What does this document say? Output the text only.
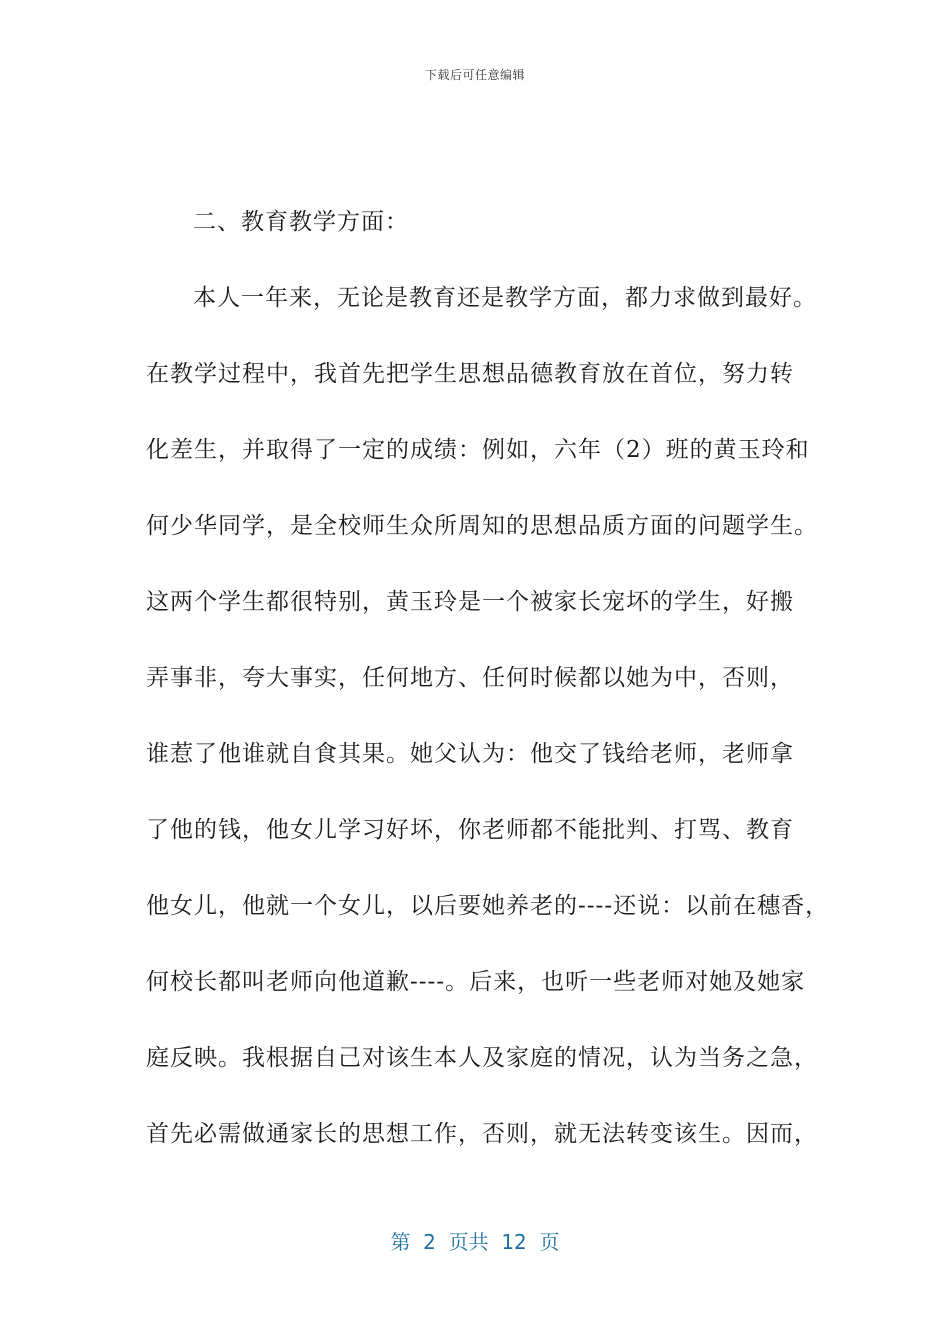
下载后可任意编辑
二、教育教学方面：
本人一年来，无论是教育还是教学方面，都力求做到最好。
在教学过程中，我首先把学生思想品德教育放在首位，努力转
化差生，并取得了一定的成绩：例如，六年（2）班的黄玉玲和
何少华同学，是全校师生众所周知的思想品质方面的问题学生。
这两个学生都很特别，黄玉玲是一个被家长宠坏的学生，好搬
弄事非，夸大事实，任何地方、任何时候都以她为中，否则，
谁惹了他谁就自食其果。她父认为：他交了钱给老师，老师拿
了他的钱，他女儿学习好坏，你老师都不能批判、打骂、教育
他女儿，他就一个女儿，以后要她养老的----还说：以前在穗香，
何校长都叫老师向他道歉----。后来，也听一些老师对她及她家
庭反映。我根据自己对该生本人及家庭的情况，认为当务之急，
首先必需做通家长的思想工作，否则，就无法转变该生。因而，
第  2  页共  12  页
